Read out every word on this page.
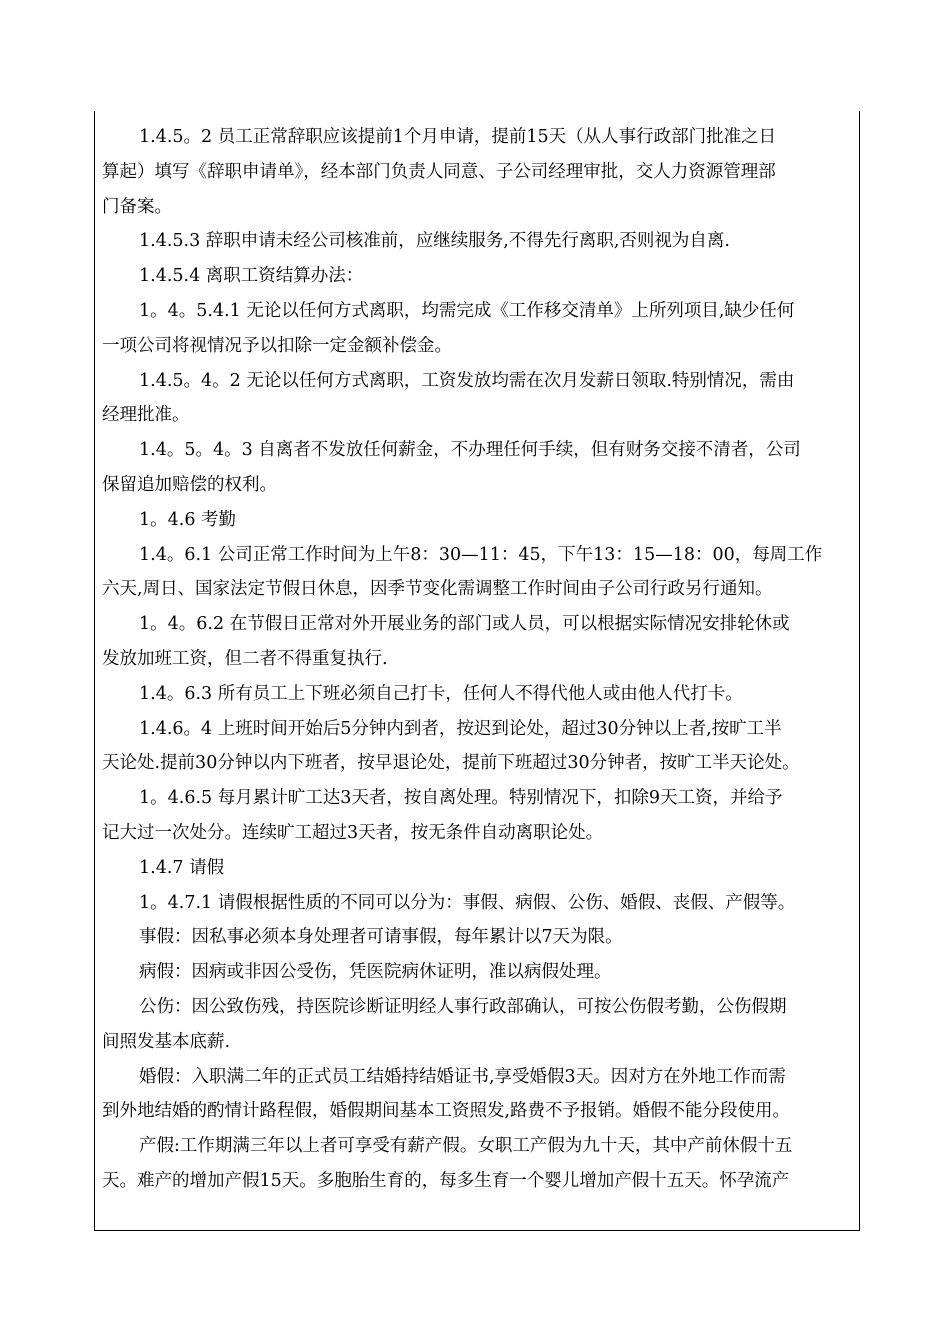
1.4.5。2 员工正常辞职应该提前1个月申请，提前15天（从人事行政部门批准之日
算起）填写《辞职申请单》，经本部门负责人同意、子公司经理审批，交人力资源管理部
门备案。
1.4.5.3 辞职申请未经公司核准前，应继续服务,不得先行离职,否则视为自离.
1.4.5.4 离职工资结算办法：
1。4。5.4.1 无论以任何方式离职，均需完成《工作移交清单》上所列项目,缺少任何
一项公司将视情况予以扣除一定金额补偿金。
1.4.5。4。2 无论以任何方式离职，工资发放均需在次月发薪日领取.特别情况，需由
经理批准。
1.4。5。4。3 自离者不发放任何薪金，不办理任何手续，但有财务交接不清者，公司
保留追加赔偿的权利。
1。4.6 考勤
1.4。6.1 公司正常工作时间为上午8：30—11：45，下午13：15—18：00，每周工作
六天,周日、国家法定节假日休息，因季节变化需调整工作时间由子公司行政另行通知。
1。4。6.2 在节假日正常对外开展业务的部门或人员，可以根据实际情况安排轮休或
发放加班工资，但二者不得重复执行.
1.4。6.3 所有员工上下班必须自己打卡，任何人不得代他人或由他人代打卡。
1.4.6。4 上班时间开始后5分钟内到者，按迟到论处，超过30分钟以上者,按旷工半
天论处.提前30分钟以内下班者，按早退论处，提前下班超过30分钟者，按旷工半天论处。
1。4.6.5 每月累计旷工达3天者，按自离处理。特别情况下，扣除9天工资，并给予
记大过一次处分。连续旷工超过3天者，按无条件自动离职论处。
1.4.7 请假
1。4.7.1 请假根据性质的不同可以分为：事假、病假、公伤、婚假、丧假、产假等。
事假：因私事必须本身处理者可请事假，每年累计以7天为限。
病假：因病或非因公受伤，凭医院病休证明，准以病假处理。
公伤：因公致伤残，持医院诊断证明经人事行政部确认，可按公伤假考勤，公伤假期
间照发基本底薪.
婚假：入职满二年的正式员工结婚持结婚证书,享受婚假3天。因对方在外地工作而需
到外地结婚的酌情计路程假，婚假期间基本工资照发,路费不予报销。婚假不能分段使用。
产假:工作期满三年以上者可享受有薪产假。女职工产假为九十天，其中产前休假十五
天。难产的增加产假15天。多胞胎生育的，每多生育一个婴儿增加产假十五天。怀孕流产
